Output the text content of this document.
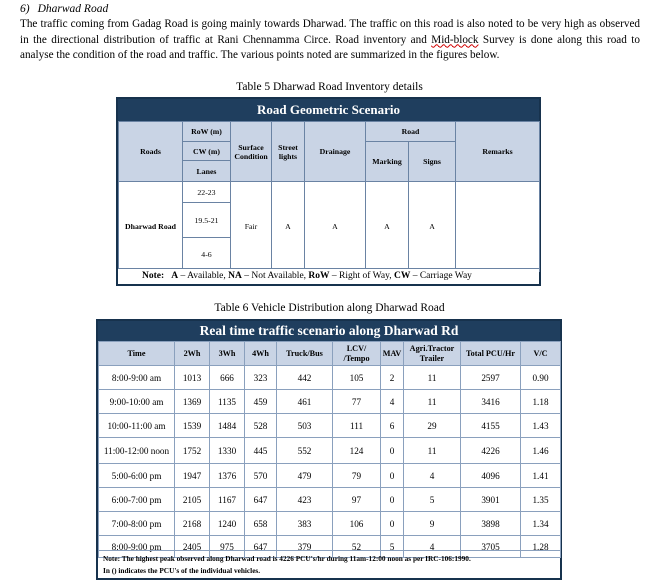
6) Dharwad Road
The traffic coming from Gadag Road is going mainly towards Dharwad. The traffic on this road is also noted to be very high as observed in the directional distribution of traffic at Rani Chennamma Circe. Road inventory and Mid-block Survey is done along this road to analyse the condition of the road and traffic. The various points noted are summarized in the figures below.
Table 5 Dharwad Road Inventory details
Road Geometric Scenario
Roads	RoW (m)	Surface Condition	Street lights	Drainage	Road		Remarks
	CW (m)				Marking	Signs	
	Lanes						
Dharwad Road	22-23	Fair	A	A	A	A	
	19.5-21						
	4-6						
Note: A – Available, NA – Not Available, RoW – Right of Way, CW – Carriage Way
Table 6 Vehicle Distribution along Dharwad Road
Real time traffic scenario along Dharwad Rd
Time	2Wh	3Wh	4Wh	Truck/Bus	LCV/ /Tempo	MAV	Agri.Tractor Trailer	Total PCU/Hr	V/C
8:00-9:00 am	1013	666	323	442	105	2	11	2597	0.90
9:00-10:00 am	1369	1135	459	461	77	4	11	3416	1.18
10:00-11:00 am	1539	1484	528	503	111	6	29	4155	1.43
11:00-12:00 noon	1752	1330	445	552	124	0	11	4226	1.46
5:00-6:00 pm	1947	1376	570	479	79	0	4	4096	1.41
6:00-7:00 pm	2105	1167	647	423	97	0	5	3901	1.35
7:00-8:00 pm	2168	1240	658	383	106	0	9	3898	1.34
8:00-9:00 pm	2405	975	647	379	52	5	4	3705	1.28
Note: The highest peak observed along Dharwad road is 4226 PCU's/hr during 11am-12:00 noon as per IRC-106:1990.
In () indicates the PCU's of the individual vehicles.
